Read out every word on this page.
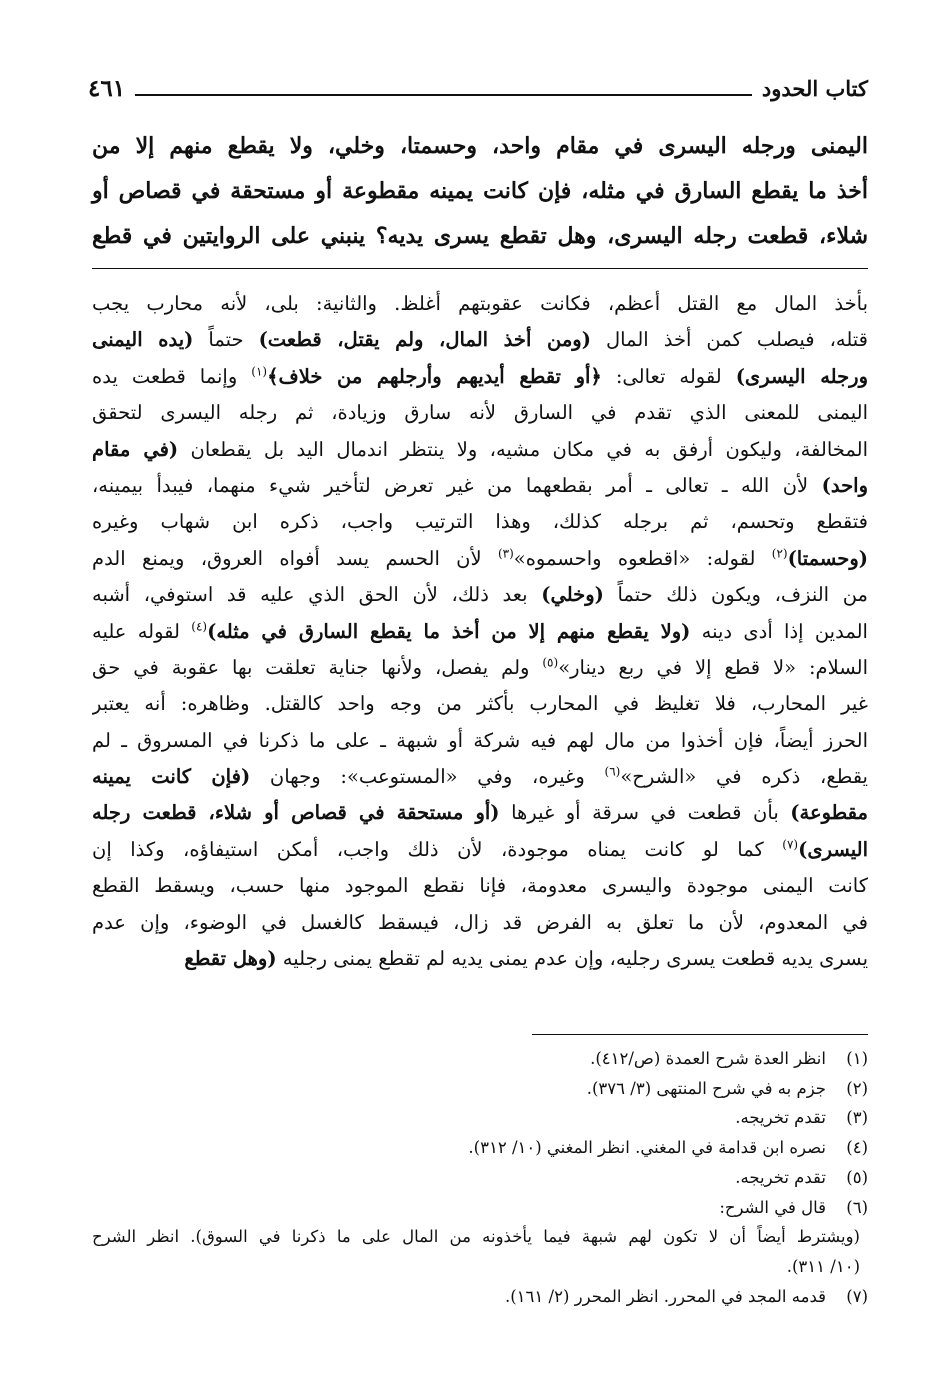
٤٦١	كتاب الحدود
اليمنى ورجله اليسرى في مقام واحد، وحسمتا، وخلي، ولا يقطع منهم إلا من
أخذ ما يقطع السارق في مثله، فإن كانت يمينه مقطوعة أو مستحقة في قصاص أو
شلاء، قطعت رجله اليسرى، وهل تقطع يسرى يديه؟ ينبني على الروايتين في قطع
بأخذ المال مع القتل أعظم، فكانت عقوبتهم أغلظ. والثانية: بلى، لأنه محارب يجب
قتله، فيصلب كمن أخذ المال (ومن أخذ المال، ولم يقتل، قطعت) حتماً (يده اليمنى
ورجله اليسرى) لقوله تعالى: ﴿أو تقطع أيديهم وأرجلهم من خلاف﴾$^{(١)}$ وإنما قطعت يده
اليمنى للمعنى الذي تقدم في السارق لأنه سارق وزيادة، ثم رجله اليسرى لتحقق
المخالفة، وليكون أرفق به في مكان مشيه، ولا ينتظر اندمال اليد بل يقطعان (في مقام
واحد) لأن الله ـ تعالى ـ أمر بقطعهما من غير تعرض لتأخير شيء منهما، فيبدأ بيمينه،
فتقطع وتحسم، ثم برجله كذلك، وهذا الترتيب واجب، ذكره ابن شهاب وغيره
(وحسمتا)$^{(٢)}$ لقوله: «اقطعوه واحسموه»$^{(٣)}$ لأن الحسم يسد أفواه العروق، ويمنع الدم
من النزف، ويكون ذلك حتماً (وخلي) بعد ذلك، لأن الحق الذي عليه قد استوفي، أشبه
المدين إذا أدى دينه (ولا يقطع منهم إلا من أخذ ما يقطع السارق في مثله)$^{(٤)}$ لقوله عليه
السلام: «لا قطع إلا في ربع دينار»$^{(٥)}$ ولم يفصل، ولأنها جناية تعلقت بها عقوبة في حق
غير المحارب، فلا تغليظ في المحارب بأكثر من وجه واحد كالقتل. وظاهره: أنه يعتبر
الحرز أيضاً، فإن أخذوا من مال لهم فيه شركة أو شبهة ـ على ما ذكرنا في المسروق ـ لم
يقطع، ذكره في «الشرح»$^{(٦)}$ وغيره، وفي «المستوعب»: وجهان (فإن كانت يمينه
مقطوعة) بأن قطعت في سرقة أو غيرها (أو مستحقة في قصاص أو شلاء، قطعت رجله
اليسرى)$^{(٧)}$ كما لو كانت يمناه موجودة، لأن ذلك واجب، أمكن استيفاؤه، وكذا إن
كانت اليمنى موجودة واليسرى معدومة، فإنا نقطع الموجود منها حسب، ويسقط القطع
في المعدوم، لأن ما تعلق به الفرض قد زال، فيسقط كالغسل في الوضوء، وإن عدم
يسرى يديه قطعت يسرى رجليه، وإن عدم يمنى يديه لم تقطع يمنى رجليه (وهل تقطع
(١)
انظر العدة شرح العمدة (ص/٤١٢).
(٢)
جزم به في شرح المنتهى (٣/ ٣٧٦).
(٣)
تقدم تخريجه.
(٤)
نصره ابن قدامة في المغني. انظر المغني (١٠/ ٣١٢).
(٥)
تقدم تخريجه.
(٦)
قال في الشرح:
(ويشترط أيضاً أن لا تكون لهم شبهة فيما يأخذونه من المال على ما ذكرنا في السوق). انظر الشرح
(١٠/ ٣١١).
(٧)
قدمه المجد في المحرر. انظر المحرر (٢/ ١٦١).
